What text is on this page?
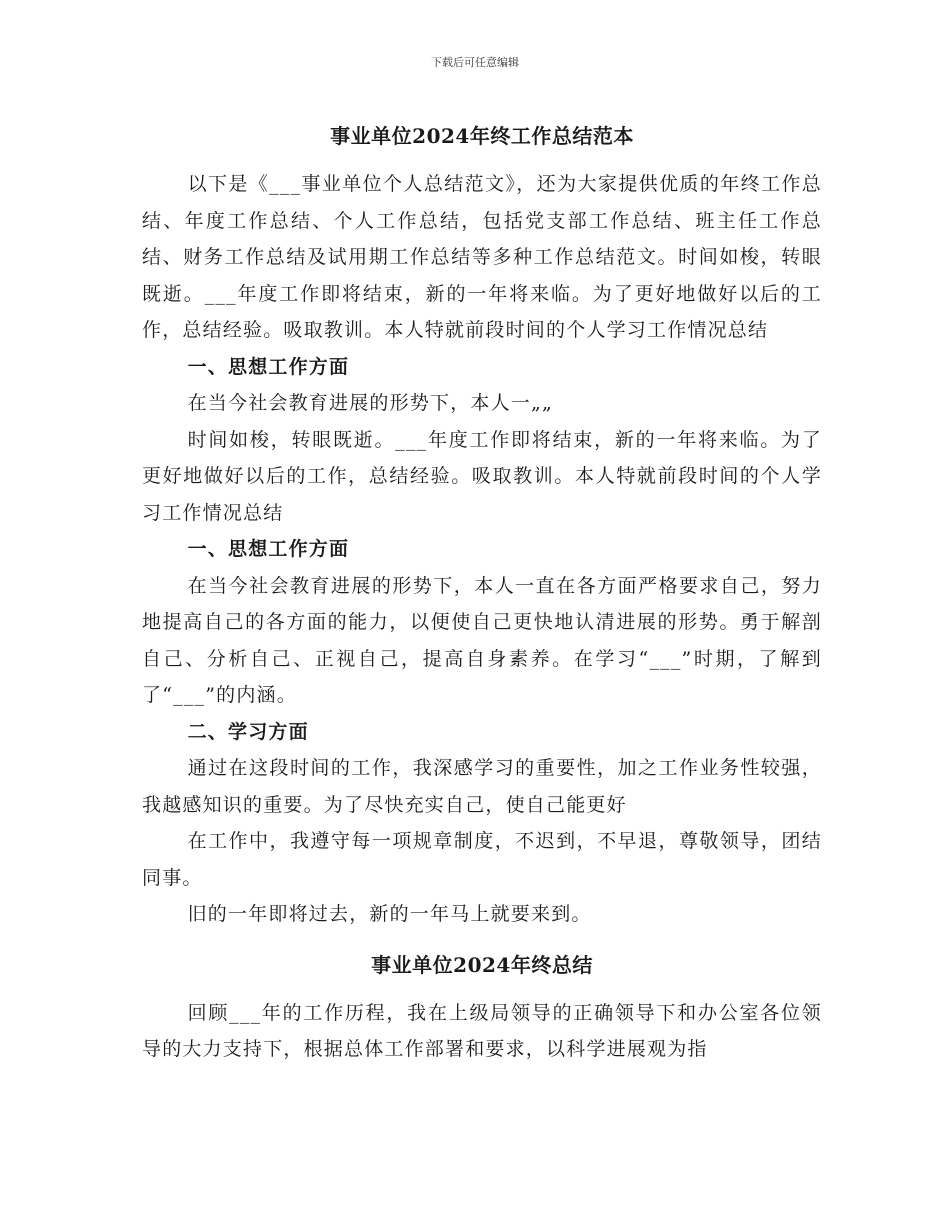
下载后可任意编辑
事业单位2024年终工作总结范本

以下是《___事业单位个人总结范文》，还为大家提供优质的年终工作总结、年度工作总结、个人工作总结，包括党支部工作总结、班主任工作总结、财务工作总结及试用期工作总结等多种工作总结范文。时间如梭，转眼既逝。___年度工作即将结束，新的一年将来临。为了更好地做好以后的工作，总结经验。吸取教训。本人特就前段时间的个人学习工作情况总结

一、思想工作方面

在当今社会教育进展的形势下，本人一„„

时间如梭，转眼既逝。___年度工作即将结束，新的一年将来临。为了更好地做好以后的工作，总结经验。吸取教训。本人特就前段时间的个人学习工作情况总结

一、思想工作方面

在当今社会教育进展的形势下，本人一直在各方面严格要求自己，努力地提高自己的各方面的能力，以便使自己更快地认清进展的形势。勇于解剖自己、分析自己、正视自己，提高自身素养。在学习“___”时期，了解到了“___”的内涵。

二、学习方面

通过在这段时间的工作，我深感学习的重要性，加之工作业务性较强，我越感知识的重要。为了尽快充实自己，使自己能更好

在工作中，我遵守每一项规章制度，不迟到，不早退，尊敬领导，团结同事。

旧的一年即将过去，新的一年马上就要来到。

事业单位2024年终总结

回顾___年的工作历程，我在上级局领导的正确领导下和办公室各位领导的大力支持下，根据总体工作部署和要求，以科学进展观为指
